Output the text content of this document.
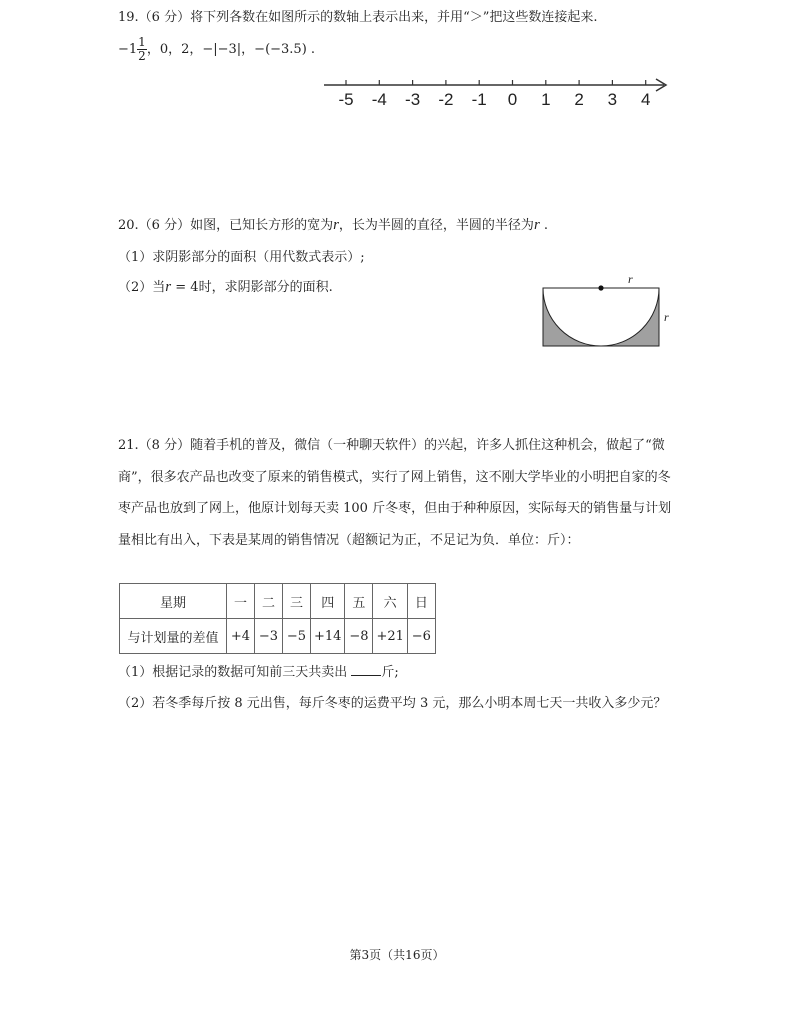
19.（6 分）将下列各数在如图所示的数轴上表示出来，并用“＞”把这些数连接起来.
$-1 \frac{1}{2}$ ，0，2，−|−3|，−(−3.5) .
-5 -4 -3 -2 -1 0 1 2 3 4
20.（6 分）如图，已知长方形的宽为r，长为半圆的直径，半圆的半径为r .
（1）求阴影部分的面积（用代数式表示）;
（2）当r = 4时，求阴影部分的面积.
r
r
21.（8 分）随着手机的普及，微信（一种聊天软件）的兴起，许多人抓住这种机会，做起了“微商”，很多农产品也改变了原来的销售模式，实行了网上销售，这不刚大学毕业的小明把自家的冬枣产品也放到了网上，他原计划每天卖 100 斤冬枣，但由于种种原因，实际每天的销售量与计划量相比有出入，下表是某周的销售情况（超额记为正，不足记为负．单位：斤）：
星期	一	二	三	四	五	六	日
与计划量的差值	+4	−3	−5	+14	−8	+21	−6
（1）根据记录的数据可知前三天共卖出 斤;
（2）若冬季每斤按 8 元出售，每斤冬枣的运费平均 3 元，那么小明本周七天一共收入多少元？
第3页（共16页）
